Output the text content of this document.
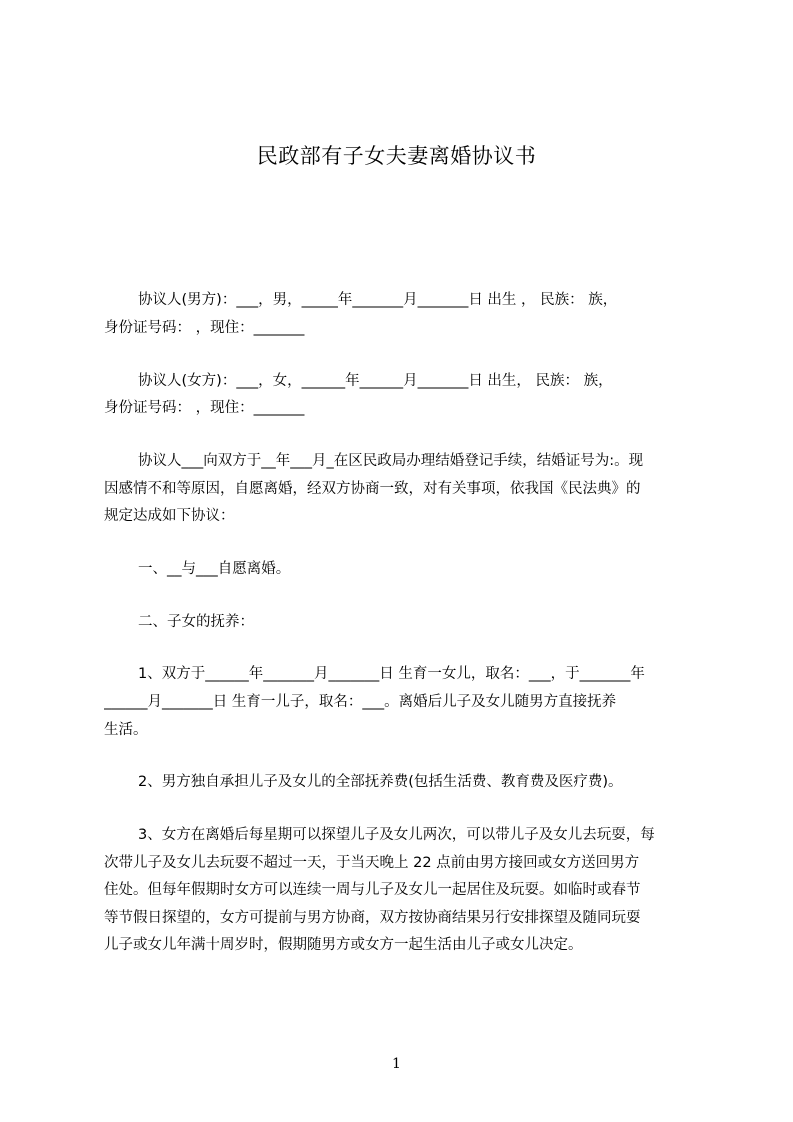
民政部有子女夫妻离婚协议书
协议人(男方)：___，男，_____年_______月_______日 出生 ， 民族： 族，
身份证号码： ，现住：_______
协议人(女方)：___，女，______年______月_______日 出生， 民族： 族，
身份证号码： ，现住：_______
协议人___向双方于__年___月_在区民政局办理结婚登记手续，结婚证号为:。现
因感情不和等原因，自愿离婚，经双方协商一致，对有关事项，依我国《民法典》的
规定达成如下协议：
一、__与___自愿离婚。
二、子女的抚养：
1、双方于______年_______月_______日 生育一女儿，取名：___，于_______年
______月_______日 生育一儿子，取名：___。离婚后儿子及女儿随男方直接抚养
生活。
2、男方独自承担儿子及女儿的全部抚养费(包括生活费、教育费及医疗费)。
3、女方在离婚后每星期可以探望儿子及女儿两次，可以带儿子及女儿去玩耍，每
次带儿子及女儿去玩耍不超过一天，于当天晚上 22 点前由男方接回或女方送回男方
住处。但每年假期时女方可以连续一周与儿子及女儿一起居住及玩耍。如临时或春节
等节假日探望的，女方可提前与男方协商，双方按协商结果另行安排探望及随同玩耍
儿子或女儿年满十周岁时，假期随男方或女方一起生活由儿子或女儿决定。
1
